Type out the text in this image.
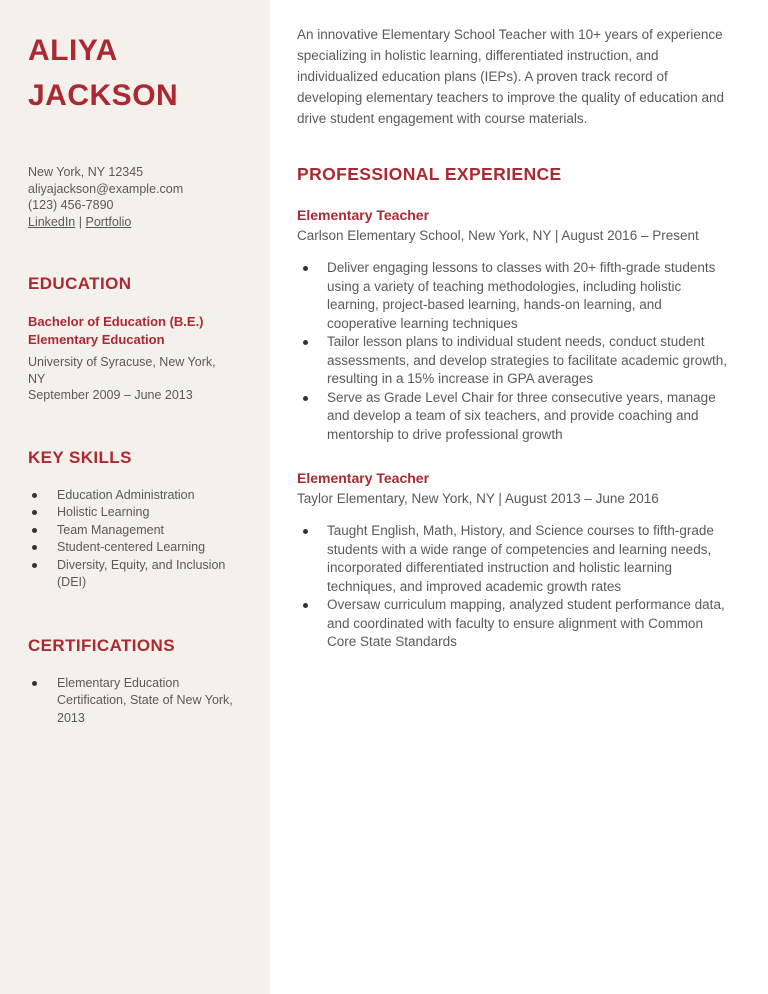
ALIYA
JACKSON
New York, NY 12345
aliyajackson@example.com
(123) 456-7890
LinkedIn | Portfolio
EDUCATION
Bachelor of Education (B.E.) Elementary Education
University of Syracuse, New York, NY
September 2009 – June 2013
KEY SKILLS
Education Administration
Holistic Learning
Team Management
Student-centered Learning
Diversity, Equity, and Inclusion (DEI)
CERTIFICATIONS
Elementary Education Certification, State of New York, 2013

An innovative Elementary School Teacher with 10+ years of experience specializing in holistic learning, differentiated instruction, and individualized education plans (IEPs). A proven track record of developing elementary teachers to improve the quality of education and drive student engagement with course materials.

PROFESSIONAL EXPERIENCE
Elementary Teacher
Carlson Elementary School, New York, NY | August 2016 – Present
Deliver engaging lessons to classes with 20+ fifth-grade students using a variety of teaching methodologies, including holistic learning, project-based learning, hands-on learning, and cooperative learning techniques
Tailor lesson plans to individual student needs, conduct student assessments, and develop strategies to facilitate academic growth, resulting in a 15% increase in GPA averages
Serve as Grade Level Chair for three consecutive years, manage and develop a team of six teachers, and provide coaching and mentorship to drive professional growth
Elementary Teacher
Taylor Elementary, New York, NY | August 2013 – June 2016
Taught English, Math, History, and Science courses to fifth-grade students with a wide range of competencies and learning needs, incorporated differentiated instruction and holistic learning techniques, and improved academic growth rates
Oversaw curriculum mapping, analyzed student performance data, and coordinated with faculty to ensure alignment with Common Core State Standards
